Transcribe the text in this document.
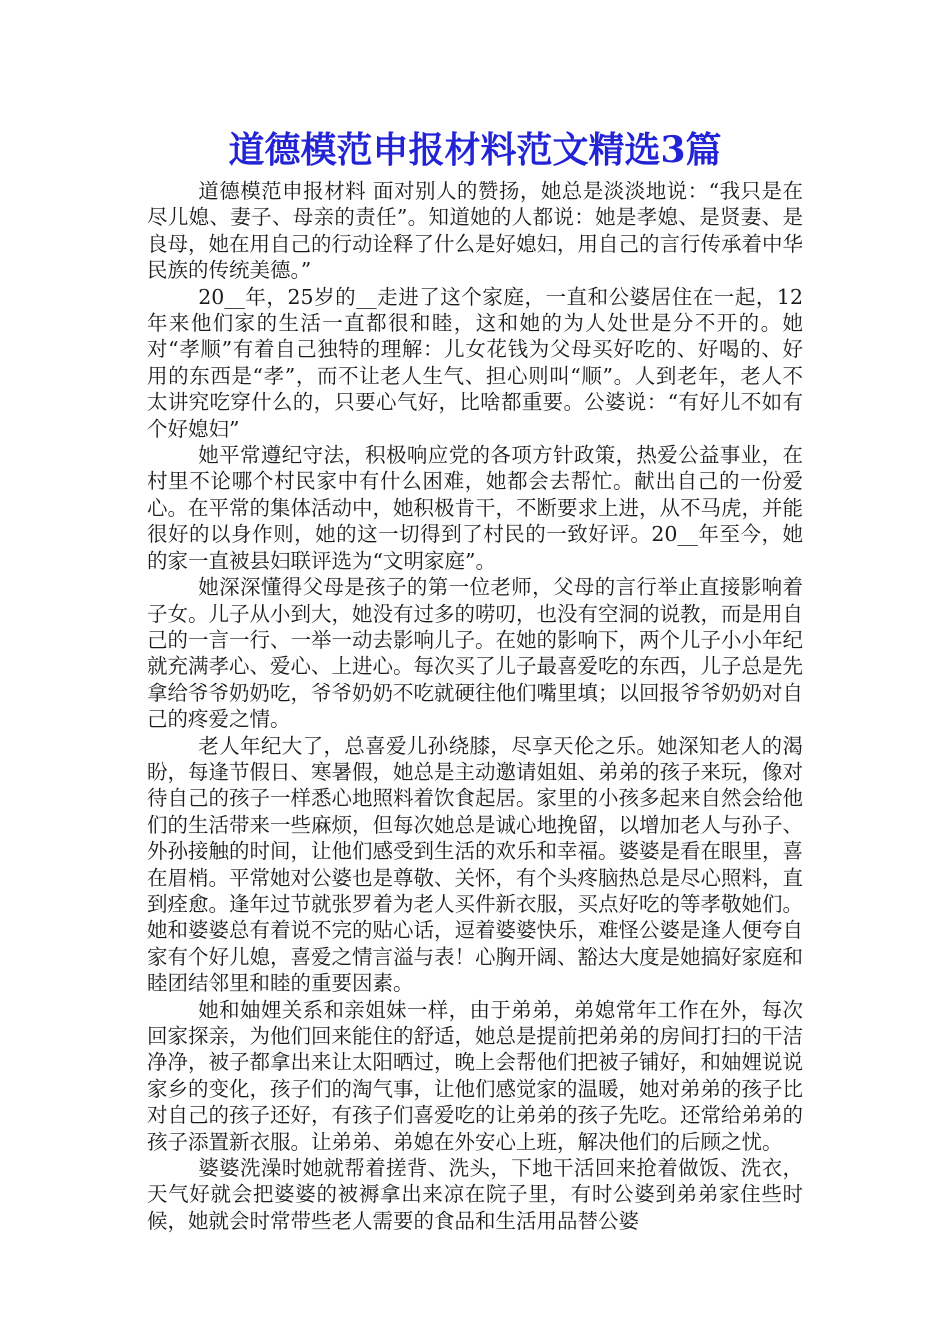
道德模范申报材料范文精选3篇

道德模范申报材料 面对别人的赞扬，她总是淡淡地说：“我只是在尽儿媳、妻子、母亲的责任”。知道她的人都说：她是孝媳、是贤妻、是良母，她在用自己的行动诠释了什么是好媳妇，用自己的言行传承着中华民族的传统美德。”

20__年，25岁的__走进了这个家庭，一直和公婆居住在一起，12年来他们家的生活一直都很和睦，这和她的为人处世是分不开的。她对“孝顺”有着自己独特的理解：儿女花钱为父母买好吃的、好喝的、好用的东西是“孝”，而不让老人生气、担心则叫“顺”。人到老年，老人不太讲究吃穿什么的，只要心气好，比啥都重要。公婆说：“有好儿不如有个好媳妇”

她平常遵纪守法，积极响应党的各项方针政策，热爱公益事业，在村里不论哪个村民家中有什么困难，她都会去帮忙。献出自己的一份爱心。在平常的集体活动中，她积极肯干，不断要求上进，从不马虎，并能很好的以身作则，她的这一切得到了村民的一致好评。20__年至今，她的家一直被县妇联评选为“文明家庭”。

她深深懂得父母是孩子的第一位老师，父母的言行举止直接影响着子女。儿子从小到大，她没有过多的唠叨，也没有空洞的说教，而是用自己的一言一行、一举一动去影响儿子。在她的影响下，两个儿子小小年纪就充满孝心、爱心、上进心。每次买了儿子最喜爱吃的东西，儿子总是先拿给爷爷奶奶吃，爷爷奶奶不吃就硬往他们嘴里填；以回报爷爷奶奶对自己的疼爱之情。

老人年纪大了，总喜爱儿孙绕膝，尽享天伦之乐。她深知老人的渴盼，每逢节假日、寒暑假，她总是主动邀请姐姐、弟弟的孩子来玩，像对待自己的孩子一样悉心地照料着饮食起居。家里的小孩多起来自然会给他们的生活带来一些麻烦，但每次她总是诚心地挽留，以增加老人与孙子、外孙接触的时间，让他们感受到生活的欢乐和幸福。婆婆是看在眼里，喜在眉梢。平常她对公婆也是尊敬、关怀，有个头疼脑热总是尽心照料，直到痊愈。逢年过节就张罗着为老人买件新衣服，买点好吃的等孝敬她们。她和婆婆总有着说不完的贴心话，逗着婆婆快乐，难怪公婆是逢人便夸自家有个好儿媳，喜爱之情言溢与表！心胸开阔、豁达大度是她搞好家庭和睦团结邻里和睦的重要因素。

她和妯娌关系和亲姐妹一样，由于弟弟，弟媳常年工作在外，每次回家探亲，为他们回来能住的舒适，她总是提前把弟弟的房间打扫的干洁净净，被子都拿出来让太阳晒过，晚上会帮他们把被子铺好，和妯娌说说家乡的变化，孩子们的淘气事，让他们感觉家的温暖，她对弟弟的孩子比对自己的孩子还好，有孩子们喜爱吃的让弟弟的孩子先吃。还常给弟弟的孩子添置新衣服。让弟弟、弟媳在外安心上班，解决他们的后顾之忧。

婆婆洗澡时她就帮着搓背、洗头，下地干活回来抢着做饭、洗衣，天气好就会把婆婆的被褥拿出来凉在院子里，有时公婆到弟弟家住些时候，她就会时常带些老人需要的食品和生活用品替公婆
